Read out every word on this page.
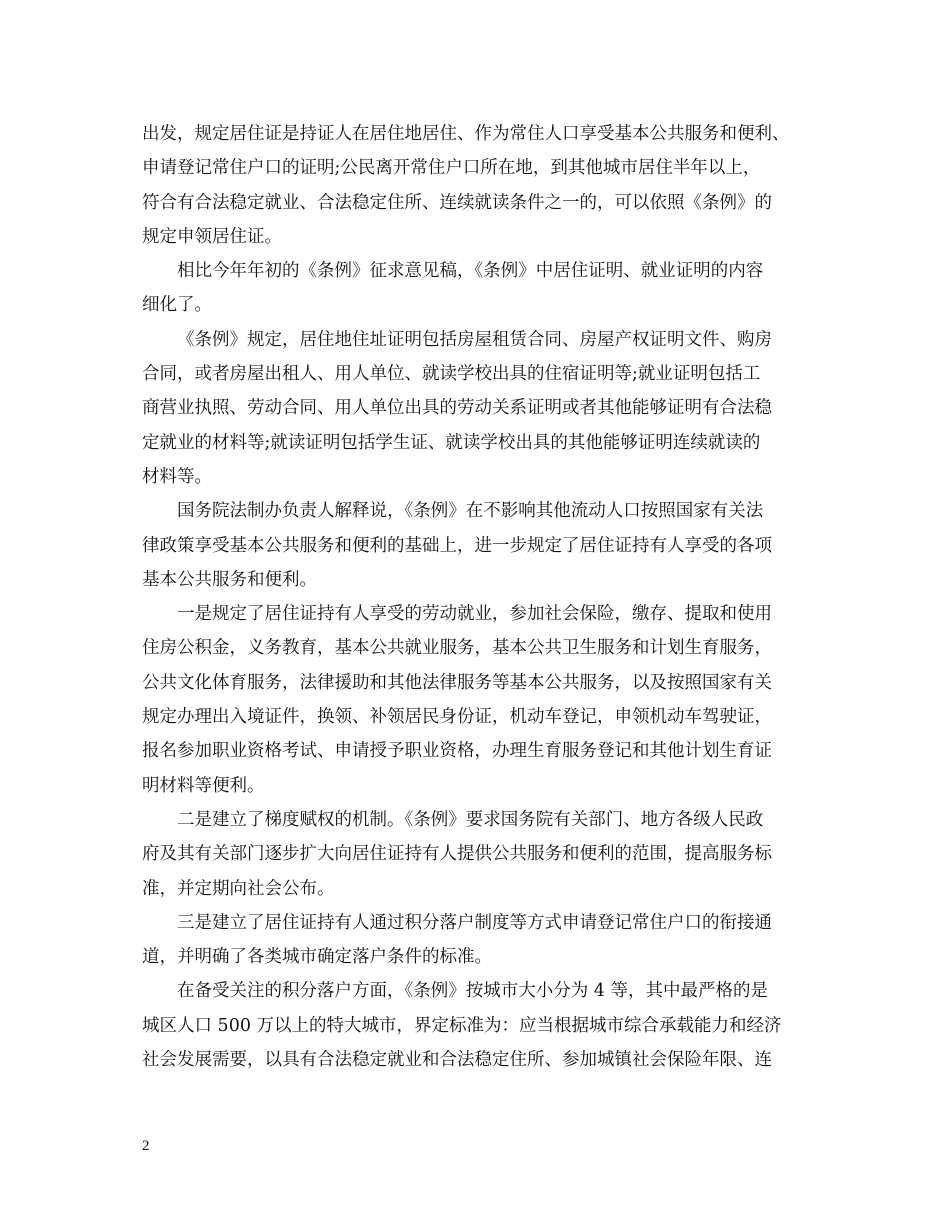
出发，规定居住证是持证人在居住地居住、作为常住人口享受基本公共服务和便利、
申请登记常住户口的证明;公民离开常住户口所在地，到其他城市居住半年以上，
符合有合法稳定就业、合法稳定住所、连续就读条件之一的，可以依照《条例》的
规定申领居住证。
相比今年年初的《条例》征求意见稿，《条例》中居住证明、就业证明的内容
细化了。
《条例》规定，居住地住址证明包括房屋租赁合同、房屋产权证明文件、购房
合同，或者房屋出租人、用人单位、就读学校出具的住宿证明等;就业证明包括工
商营业执照、劳动合同、用人单位出具的劳动关系证明或者其他能够证明有合法稳
定就业的材料等;就读证明包括学生证、就读学校出具的其他能够证明连续就读的
材料等。
国务院法制办负责人解释说，《条例》在不影响其他流动人口按照国家有关法
律政策享受基本公共服务和便利的基础上，进一步规定了居住证持有人享受的各项
基本公共服务和便利。
一是规定了居住证持有人享受的劳动就业，参加社会保险，缴存、提取和使用
住房公积金，义务教育，基本公共就业服务，基本公共卫生服务和计划生育服务，
公共文化体育服务，法律援助和其他法律服务等基本公共服务，以及按照国家有关
规定办理出入境证件，换领、补领居民身份证，机动车登记，申领机动车驾驶证，
报名参加职业资格考试、申请授予职业资格，办理生育服务登记和其他计划生育证
明材料等便利。
二是建立了梯度赋权的机制。《条例》要求国务院有关部门、地方各级人民政
府及其有关部门逐步扩大向居住证持有人提供公共服务和便利的范围，提高服务标
准，并定期向社会公布。
三是建立了居住证持有人通过积分落户制度等方式申请登记常住户口的衔接通
道，并明确了各类城市确定落户条件的标准。
在备受关注的积分落户方面，《条例》按城市大小分为 4 等，其中最严格的是
城区人口 500 万以上的特大城市，界定标准为：应当根据城市综合承载能力和经济
社会发展需要，以具有合法稳定就业和合法稳定住所、参加城镇社会保险年限、连
2
